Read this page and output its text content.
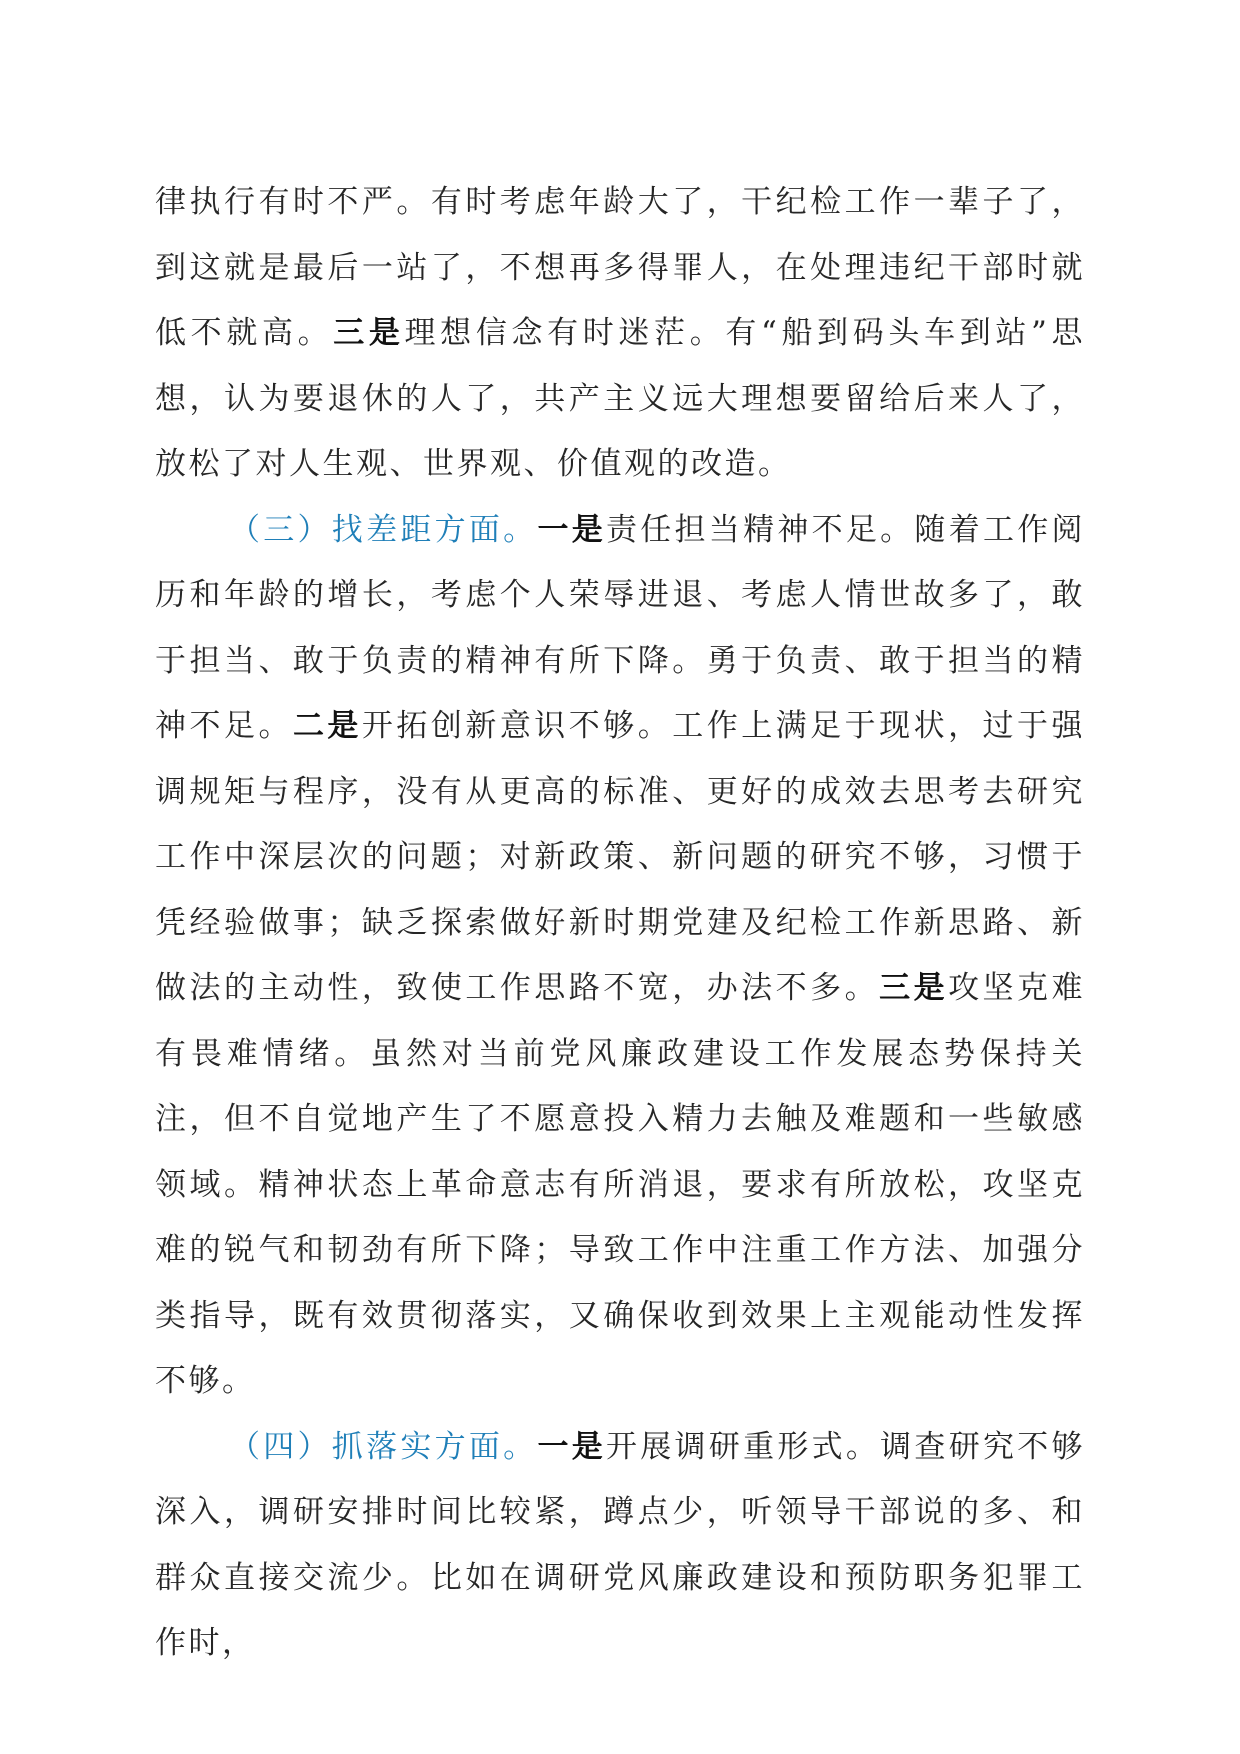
律执行有时不严。有时考虑年龄大了，干纪检工作一辈子了，到这就是最后一站了，不想再多得罪人，在处理违纪干部时就低不就高。三是理想信念有时迷茫。有“船到码头车到站”思想，认为要退休的人了，共产主义远大理想要留给后来人了，放松了对人生观、世界观、价值观的改造。

（三）找差距方面。一是责任担当精神不足。随着工作阅历和年龄的增长，考虑个人荣辱进退、考虑人情世故多了，敢于担当、敢于负责的精神有所下降。勇于负责、敢于担当的精神不足。二是开拓创新意识不够。工作上满足于现状，过于强调规矩与程序，没有从更高的标准、更好的成效去思考去研究工作中深层次的问题；对新政策、新问题的研究不够，习惯于凭经验做事；缺乏探索做好新时期党建及纪检工作新思路、新做法的主动性，致使工作思路不宽，办法不多。三是攻坚克难有畏难情绪。虽然对当前党风廉政建设工作发展态势保持关注，但不自觉地产生了不愿意投入精力去触及难题和一些敏感领域。精神状态上革命意志有所消退，要求有所放松，攻坚克难的锐气和韧劲有所下降；导致工作中注重工作方法、加强分类指导，既有效贯彻落实，又确保收到效果上主观能动性发挥不够。

（四）抓落实方面。一是开展调研重形式。调查研究不够深入，调研安排时间比较紧，蹲点少，听领导干部说的多、和群众直接交流少。比如在调研党风廉政建设和预防职务犯罪工作时，
